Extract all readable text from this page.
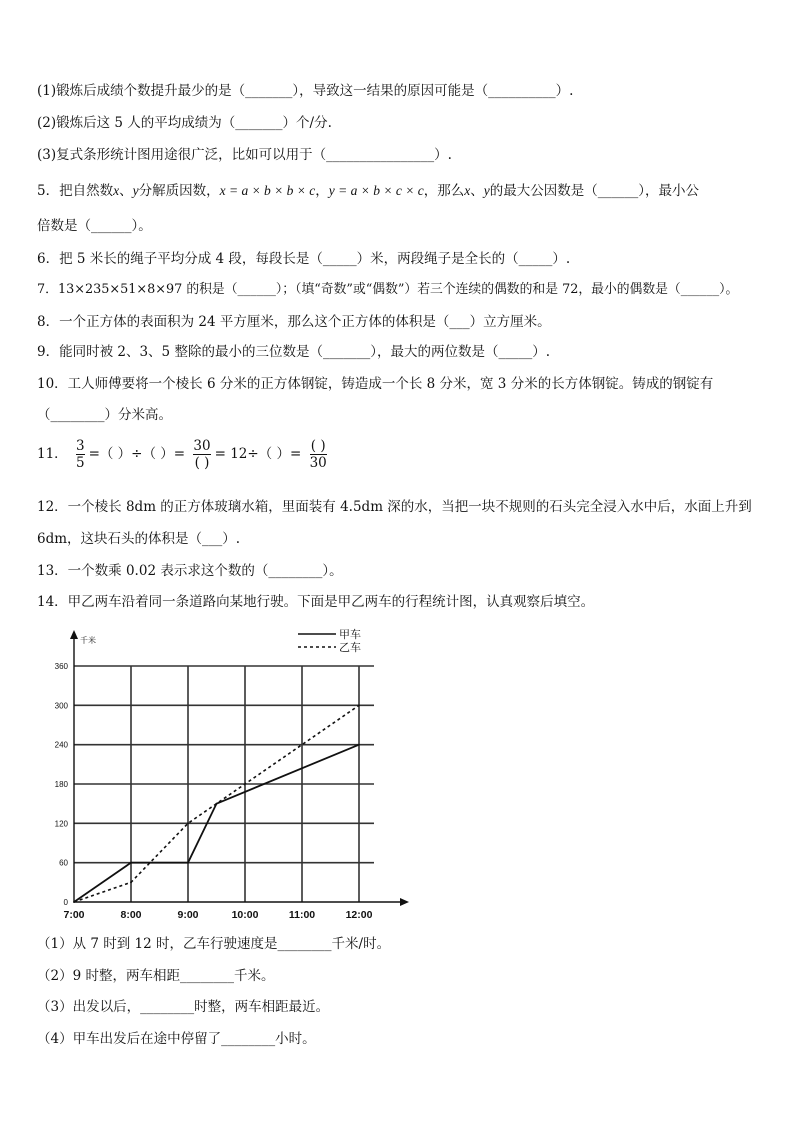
(1)锻炼后成绩个数提升最少的是（_______），导致这一结果的原因可能是（__________）.
(2)锻炼后这 5 人的平均成绩为（_______）个/分.
(3)复式条形统计图用途很广泛，比如可以用于（________________）.
5．把自然数x、y分解质因数，x = a × b × b × c，y = a × b × c × c，那么x、y的最大公因数是（______），最小公
倍数是（______）。
6．把 5 米长的绳子平均分成 4 段，每段长是（_____）米，两段绳子是全长的（_____）.
7．13×235×51×8×97 的积是（______）；（填“奇数”或“偶数”）若三个连续的偶数的和是 72，最小的偶数是（______）。
8．一个正方体的表面积为 24 平方厘米，那么这个正方体的体积是（___）立方厘米。
9．能同时被 2、3、5 整除的最小的三位数是（_______），最大的两位数是（_____）.
10．工人师傅要将一个棱长 6 分米的正方体钢锭，铸造成一个长 8 分米，宽 3 分米的长方体钢锭。铸成的钢锭有
（________）分米高。
11． $\frac{3}{5}$ =（ ）÷（ ）= $\frac{30}{( )} = 12\div$（ ）= $\frac{( )}{30}$
12．一个棱长 8dm 的正方体玻璃水箱，里面装有 4.5dm 深的水，当把一块不规则的石头完全浸入水中后，水面上升到
6dm，这块石头的体积是（___）.
13．一个数乘 0.02 表示求这个数的（________）。
14．甲乙两车沿着同一条道路向某地行驶。下面是甲乙两车的行程统计图，认真观察后填空。
千米
0
60
120
180
240
300
360
7:00	8:00	9:00	10:00	11:00	12:00
甲车
乙车
（1）从 7 时到 12 时，乙车行驶速度是________千米/时。
（2）9 时整，两车相距________千米。
（3）出发以后，________时整，两车相距最近。
（4）甲车出发后在途中停留了________小时。
